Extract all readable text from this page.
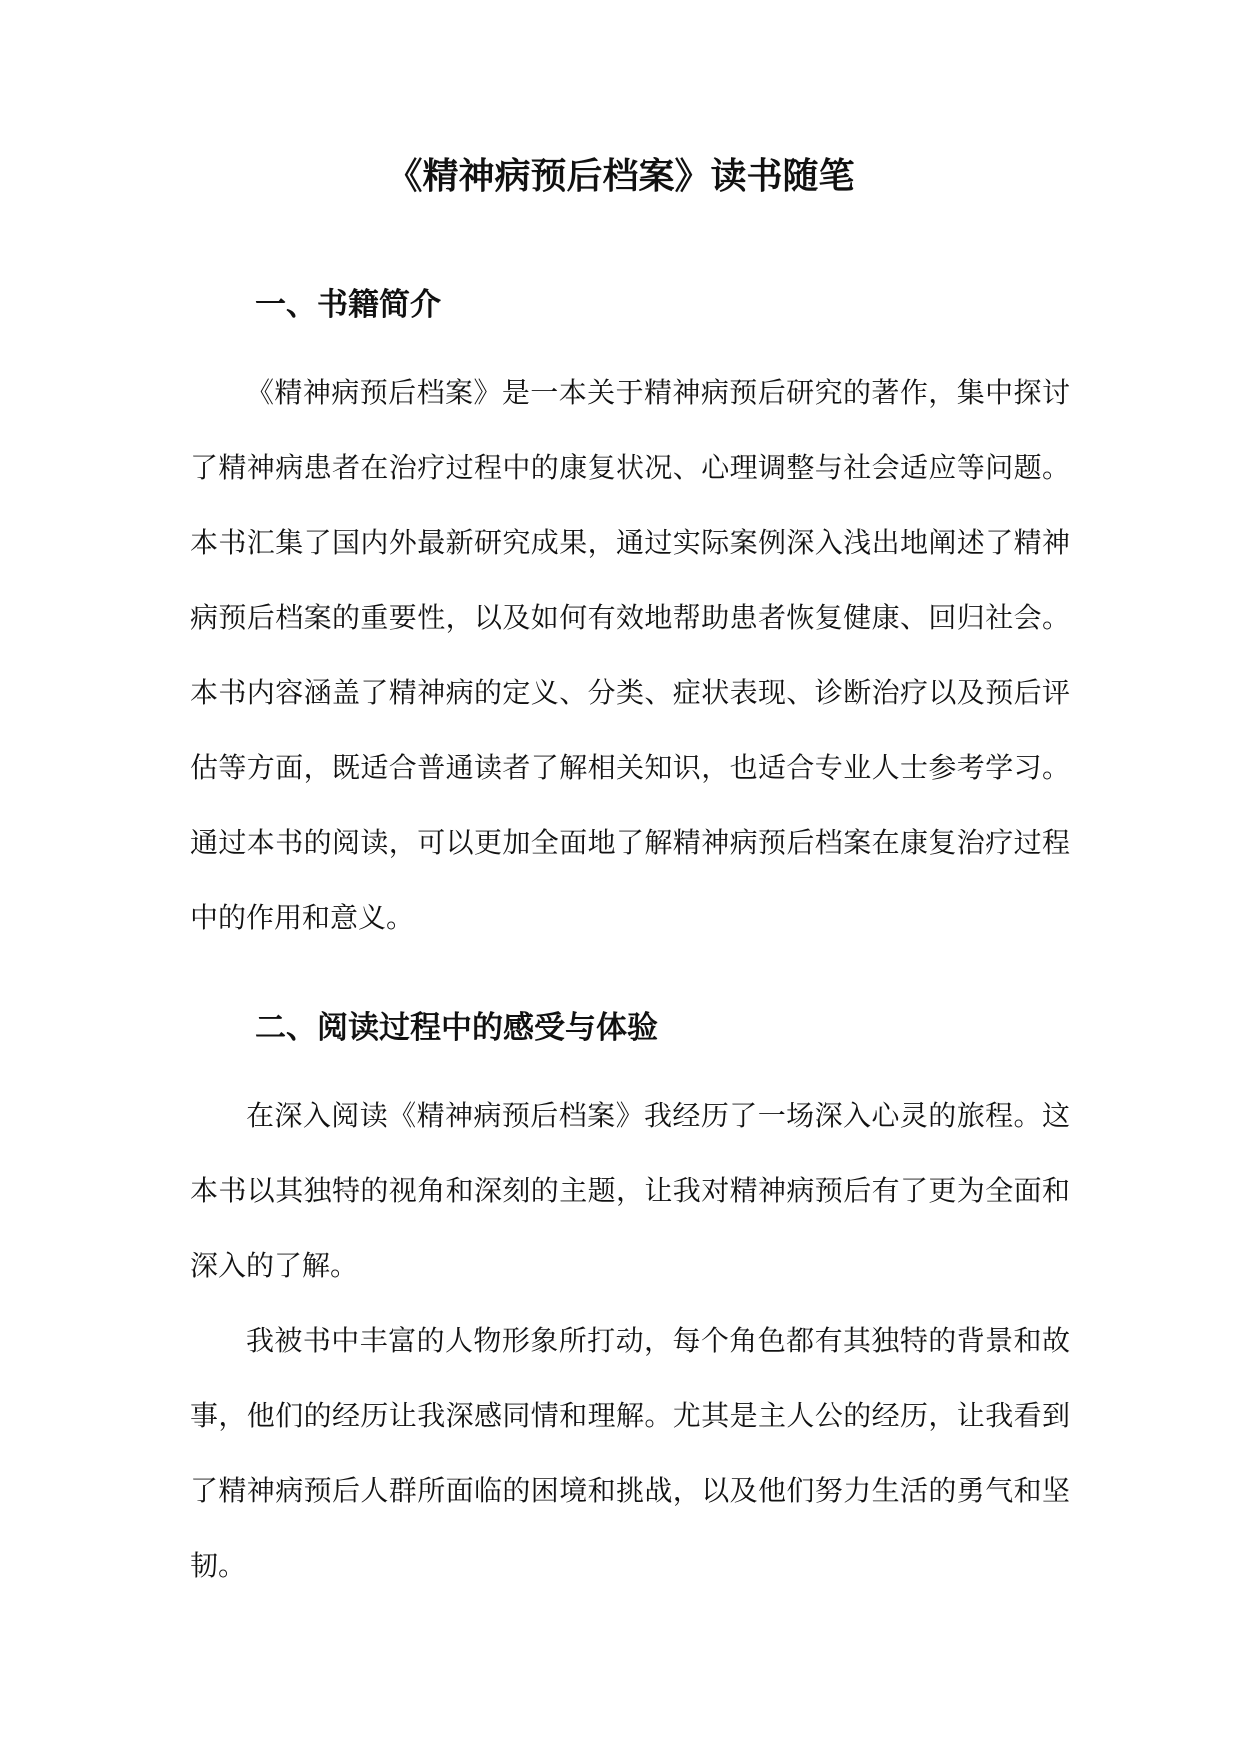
《精神病预后档案》读书随笔
一、书籍简介

《精神病预后档案》是一本关于精神病预后研究的著作，集中探讨了精神病患者在治疗过程中的康复状况、心理调整与社会适应等问题。本书汇集了国内外最新研究成果，通过实际案例深入浅出地阐述了精神病预后档案的重要性，以及如何有效地帮助患者恢复健康、回归社会。本书内容涵盖了精神病的定义、分类、症状表现、诊断治疗以及预后评估等方面，既适合普通读者了解相关知识，也适合专业人士参考学习。通过本书的阅读，可以更加全面地了解精神病预后档案在康复治疗过程中的作用和意义。

二、阅读过程中的感受与体验

在深入阅读《精神病预后档案》我经历了一场深入心灵的旅程。这本书以其独特的视角和深刻的主题，让我对精神病预后有了更为全面和深入的了解。

我被书中丰富的人物形象所打动，每个角色都有其独特的背景和故事，他们的经历让我深感同情和理解。尤其是主人公的经历，让我看到了精神病预后人群所面临的困境和挑战，以及他们努力生活的勇气和坚韧。
